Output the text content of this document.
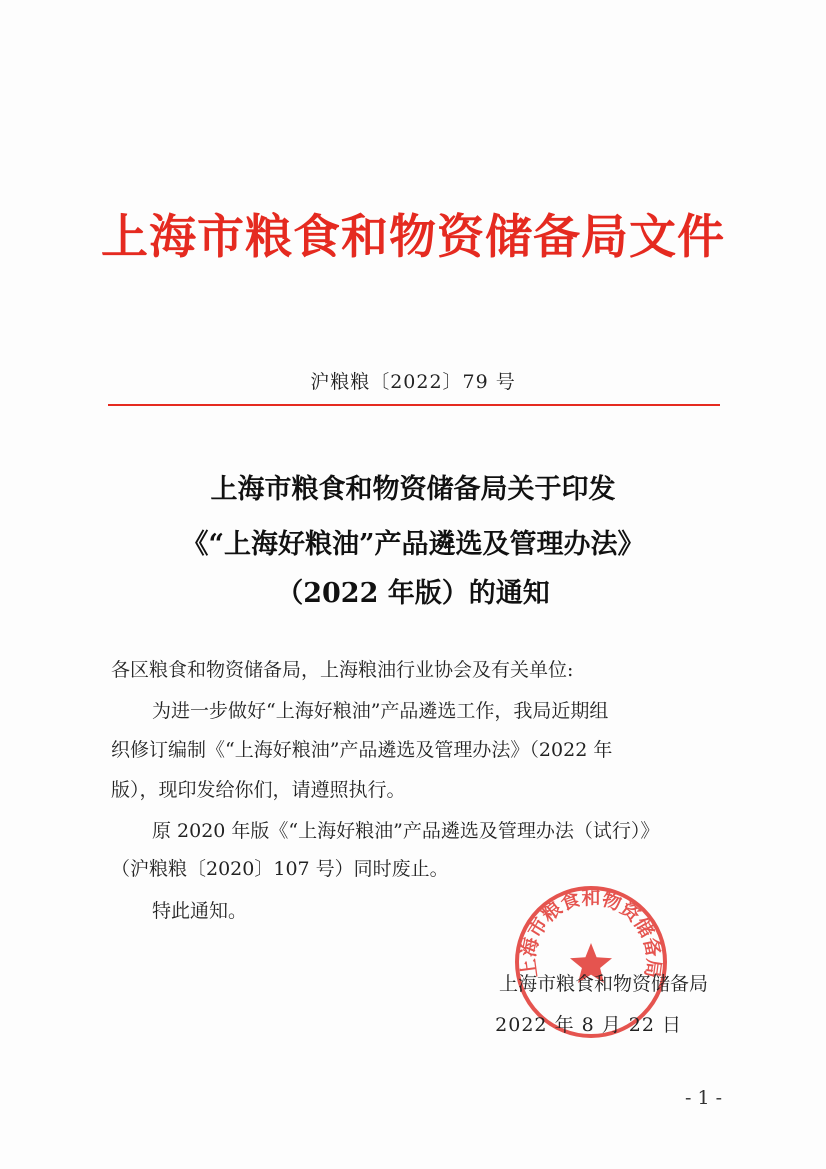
上海市粮食和物资储备局文件
沪粮粮〔2022〕79 号
上海市粮食和物资储备局关于印发
《“上海好粮油”产品遴选及管理办法》
（2022 年版）的通知
各区粮食和物资储备局，上海粮油行业协会及有关单位:
为进一步做好“上海好粮油”产品遴选工作，我局近期组
织修订编制《“上海好粮油”产品遴选及管理办法》（2022 年
版），现印发给你们，请遵照执行。
原 2020 年版《“上海好粮油”产品遴选及管理办法（试行）》
（沪粮粮〔2020〕107 号）同时废止。
特此通知。
上海市粮食和物资储备局
上海市粮食和物资储备局
2022 年 8 月 22 日
- 1 -
